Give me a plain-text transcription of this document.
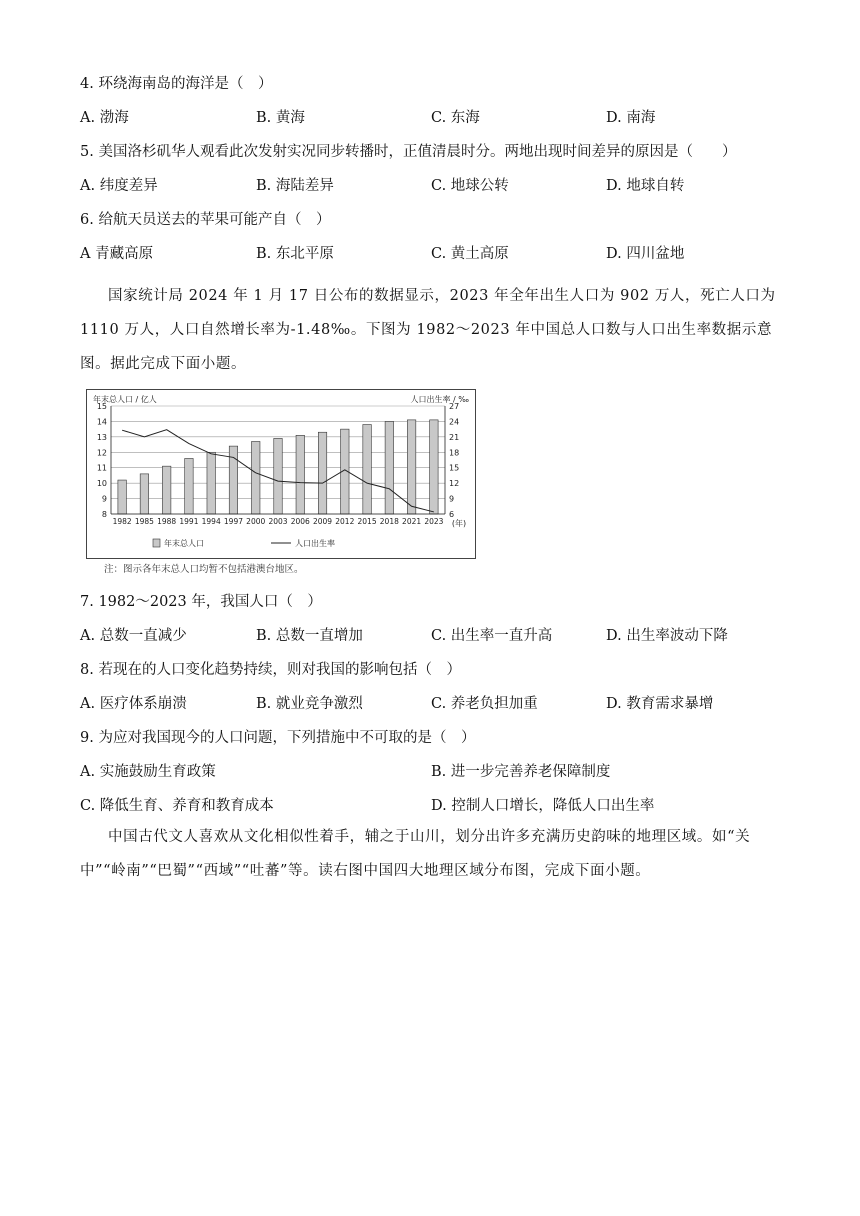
4. 环绕海南岛的海洋是（　）
A. 渤海	B. 黄海	C. 东海	D. 南海
5. 美国洛杉矶华人观看此次发射实况同步转播时，正值清晨时分。两地出现时间差异的原因是（　　）
A. 纬度差异	B. 海陆差异	C. 地球公转	D. 地球自转
6. 给航天员送去的苹果可能产自（　）
A 青藏高原	B. 东北平原	C. 黄土高原	D. 四川盆地
国家统计局 2024 年 1 月 17 日公布的数据显示，2023 年全年出生人口为 902 万人，死亡人口为 1110 万人，人口自然增长率为-1.48‰。下图为 1982～2023 年中国总人口数与人口出生率数据示意图。据此完成下面小题。
年末总人口 / 亿人	人口出生率 / ‰
15
14
13
12
11
10
9
8
27
24
21
18
15
12
9
6
1982 1985 1988 1991 1994 1997 2000 2003 2006 2009 2012 2015 2018 2021 2023 (年)
年末总人口	人口出生率
注：图示各年末总人口均暂不包括港澳台地区。
7. 1982～2023 年，我国人口（　）
A. 总数一直减少	B. 总数一直增加	C. 出生率一直升高	D. 出生率波动下降
8. 若现在的人口变化趋势持续，则对我国的影响包括（　）
A. 医疗体系崩溃	B. 就业竞争激烈	C. 养老负担加重	D. 教育需求暴增
9. 为应对我国现今的人口问题，下列措施中不可取的是（　）
A. 实施鼓励生育政策	B. 进一步完善养老保障制度
C. 降低生育、养育和教育成本	D. 控制人口增长，降低人口出生率
中国古代文人喜欢从文化相似性着手，辅之于山川，划分出许多充满历史韵味的地理区域。如“关中”“岭南”“巴蜀”“西域”“吐蕃”等。读右图中国四大地理区域分布图，完成下面小题。
